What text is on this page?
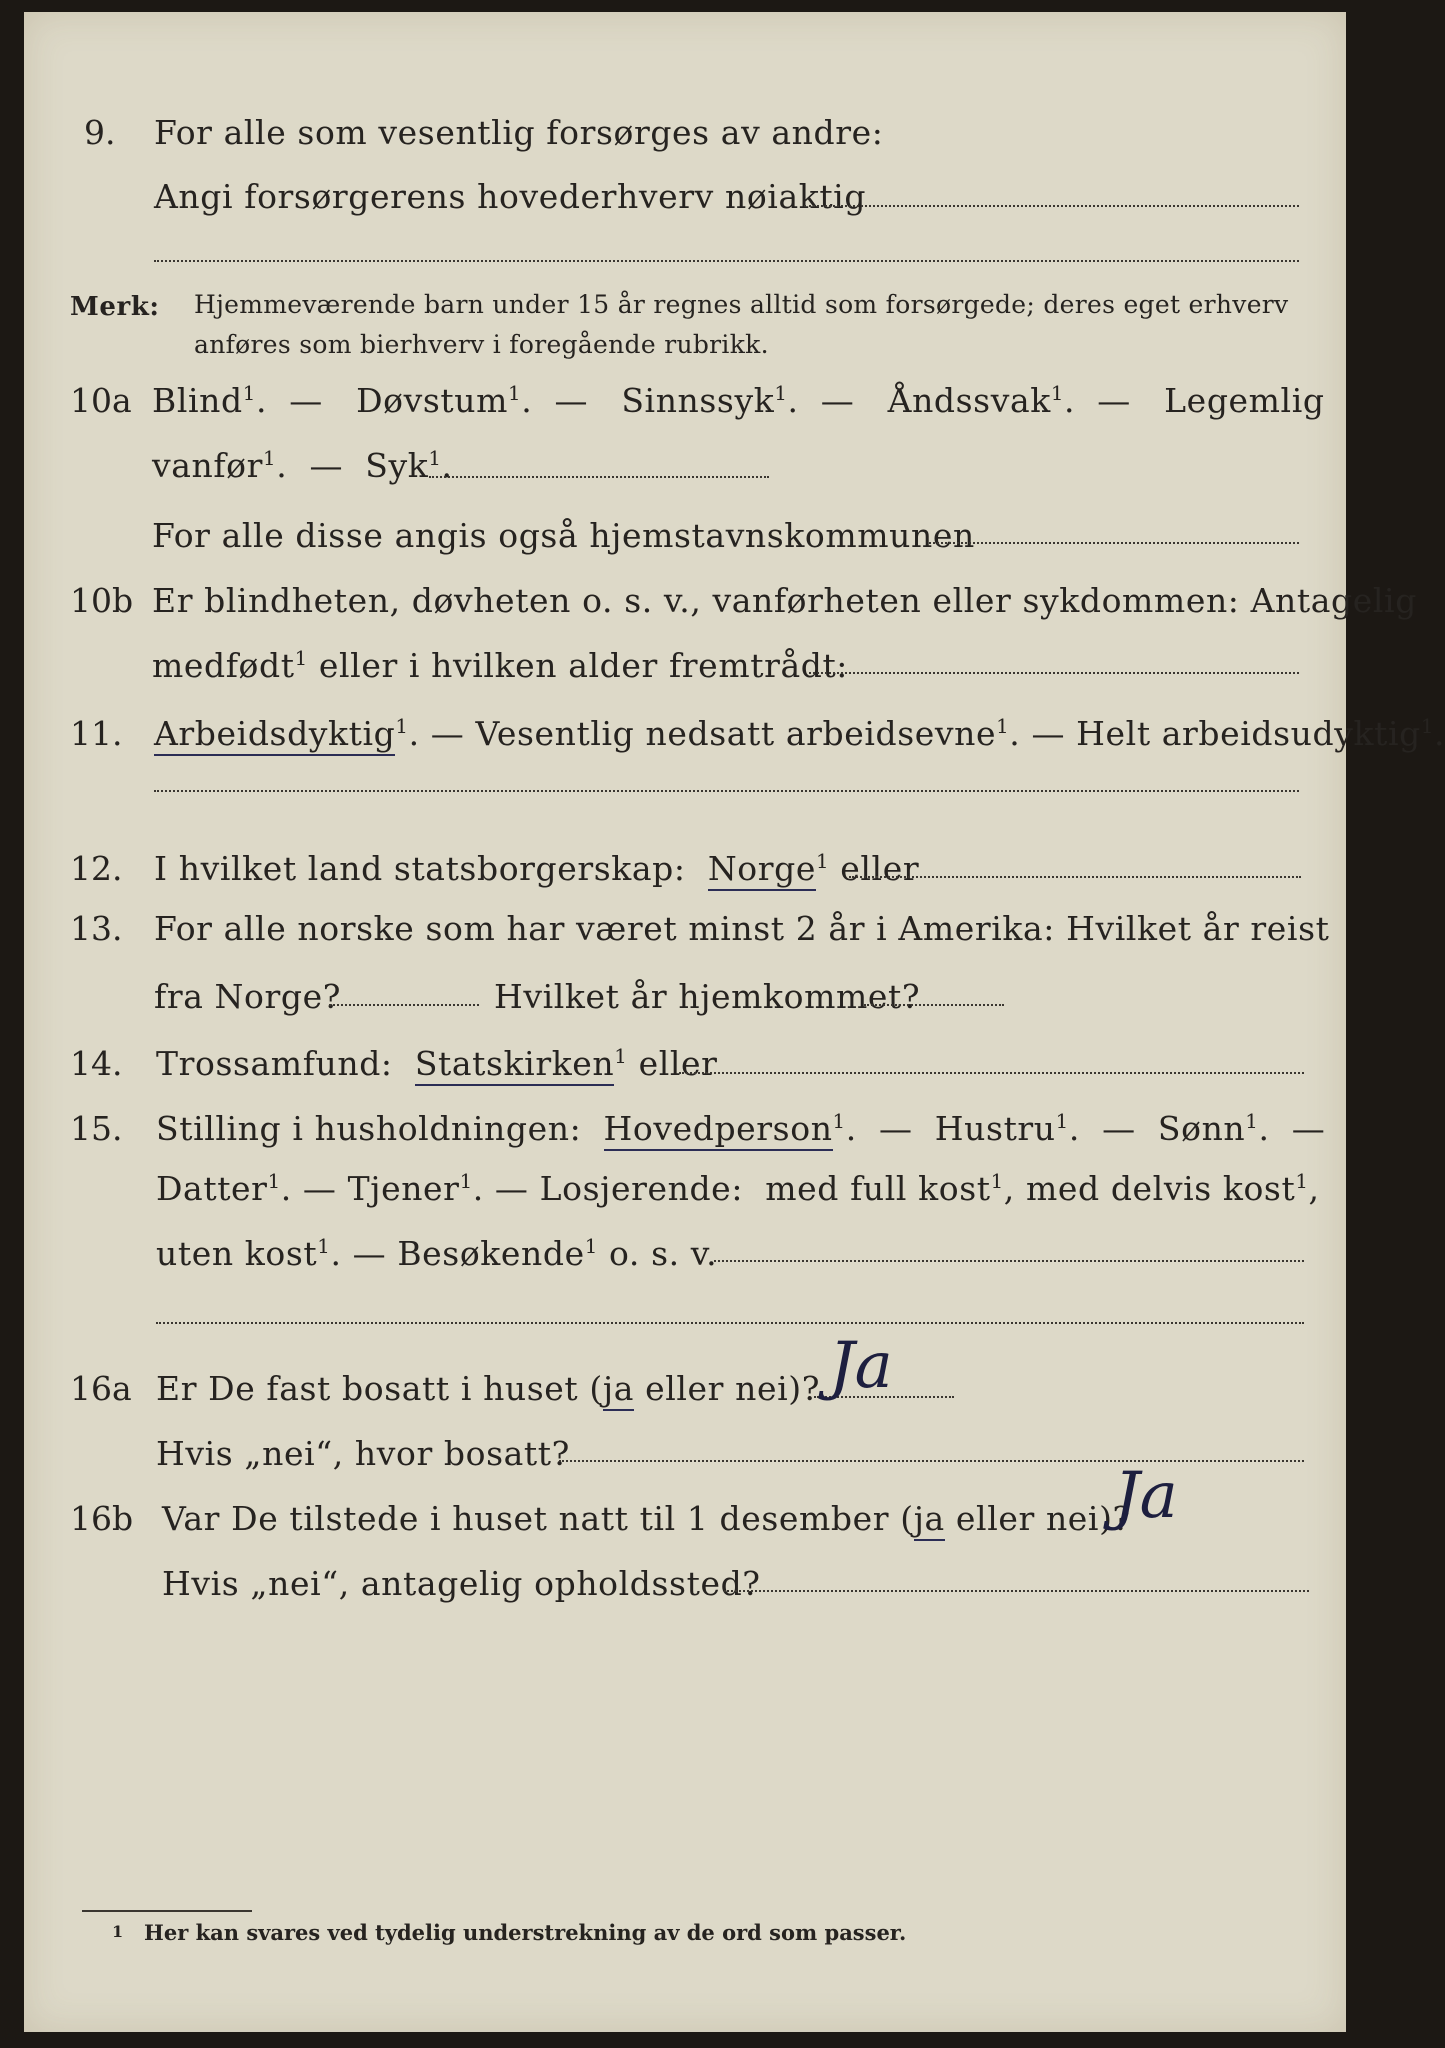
9. For alle som vesentlig forsørges av andre:
Angi forsørgerens hovederhverv nøiaktig
Merk: Hjemmeværende barn under 15 år regnes alltid som forsørgede; deres eget erhverv
anføres som bierhverv i foregående rubrikk.
10a Blind$^1$.  —   Døvstum$^1$.  —   Sinnssyk$^1$.  —   Åndssvak$^1$.  —   Legemlig
vanfør$^1$.  —  Syk$^1$.
For alle disse angis også hjemstavnskommunen
10b Er blindheten, døvheten o. s. v., vanførheten eller sykdommen: Antagelig
medfødt$^1$ eller i hvilken alder fremtrådt:
11. Arbeidsdyktig$^1$. — Vesentlig nedsatt arbeidsevne$^1$. — Helt arbeidsudyktig$^1$.
12. I hvilket land statsborgerskap: Norge$^1$ eller
13. For alle norske som har været minst 2 år i Amerika: Hvilket år reist
fra Norge?	Hvilket år hjemkommet?
14. Trossamfund: Statskirken$^1$ eller
15. Stilling i husholdningen: Hovedperson$^1$.  —  Hustru$^1$.  —  Sønn$^1$.  —
Datter$^1$. — Tjener$^1$. — Losjerende: med full kost$^1$, med delvis kost$^1$,
uten kost$^1$. — Besøkende$^1$ o. s. v.
16a Er De fast bosatt i huset (ja eller nei)? Ja
Hvis „nei“, hvor bosatt?
16b Var De tilstede i huset natt til 1 desember (ja eller nei)?
Ja
Hvis „nei“, antagelig opholdssted?
1 Her kan svares ved tydelig understrekning av de ord som passer.
